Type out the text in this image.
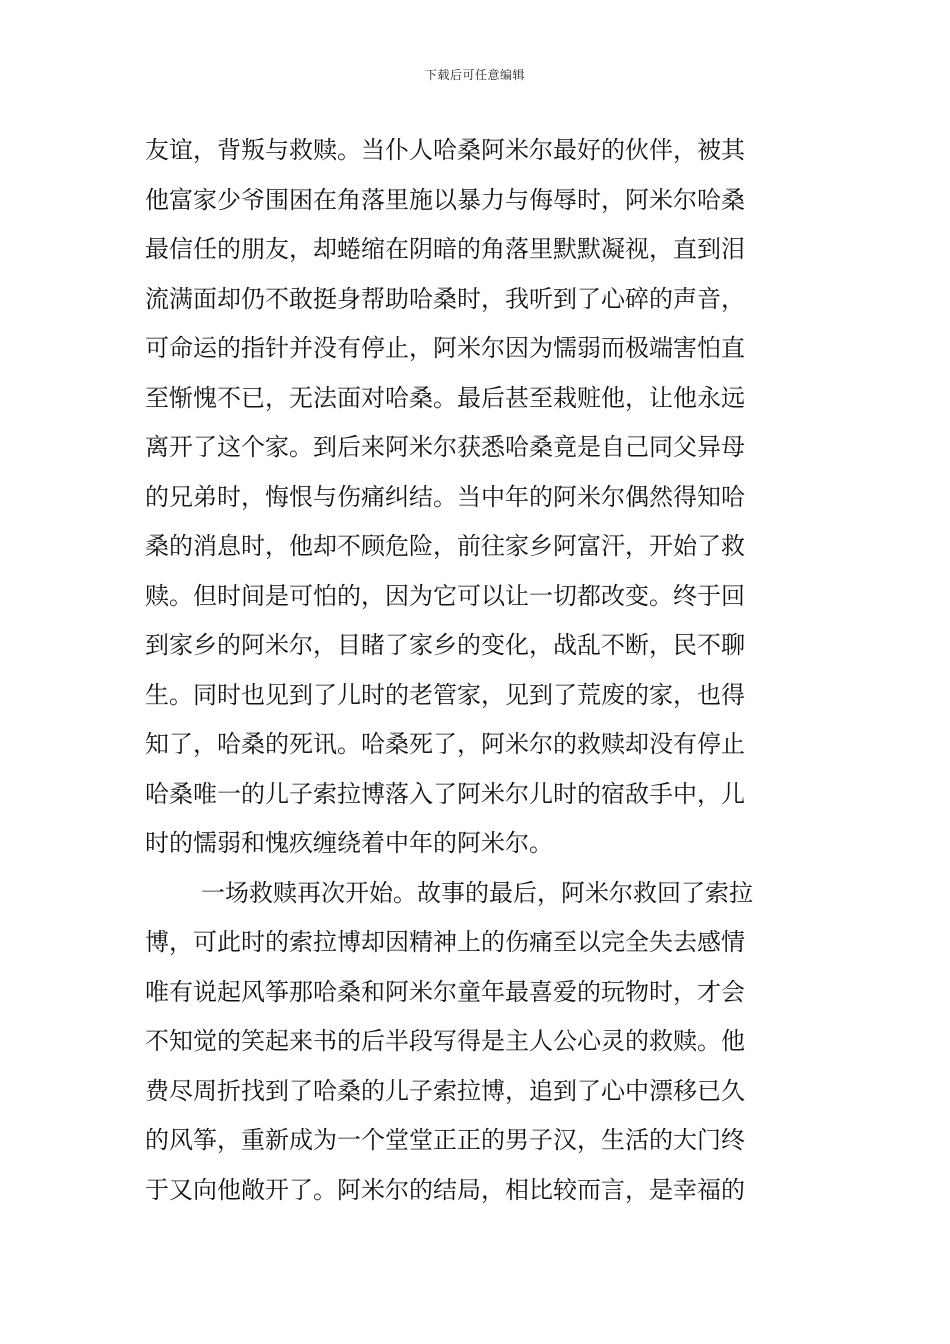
下载后可任意编辑
友谊，背叛与救赎。当仆人哈桑阿米尔最好的伙伴，被其
他富家少爷围困在角落里施以暴力与侮辱时，阿米尔哈桑
最信任的朋友，却蜷缩在阴暗的角落里默默凝视，直到泪
流满面却仍不敢挺身帮助哈桑时，我听到了心碎的声音，
可命运的指针并没有停止，阿米尔因为懦弱而极端害怕直
至惭愧不已，无法面对哈桑。最后甚至栽赃他，让他永远
离开了这个家。到后来阿米尔获悉哈桑竟是自己同父异母
的兄弟时，悔恨与伤痛纠结。当中年的阿米尔偶然得知哈
桑的消息时，他却不顾危险，前往家乡阿富汗，开始了救
赎。但时间是可怕的，因为它可以让一切都改变。终于回
到家乡的阿米尔，目睹了家乡的变化，战乱不断，民不聊
生。同时也见到了儿时的老管家，见到了荒废的家，也得
知了，哈桑的死讯。哈桑死了，阿米尔的救赎却没有停止
哈桑唯一的儿子索拉博落入了阿米尔儿时的宿敌手中，儿
时的懦弱和愧疚缠绕着中年的阿米尔。
一场救赎再次开始。故事的最后，阿米尔救回了索拉
博，可此时的索拉博却因精神上的伤痛至以完全失去感情
唯有说起风筝那哈桑和阿米尔童年最喜爱的玩物时，才会
不知觉的笑起来书的后半段写得是主人公心灵的救赎。他
费尽周折找到了哈桑的儿子索拉博，追到了心中漂移已久
的风筝，重新成为一个堂堂正正的男子汉，生活的大门终
于又向他敞开了。阿米尔的结局，相比较而言，是幸福的
